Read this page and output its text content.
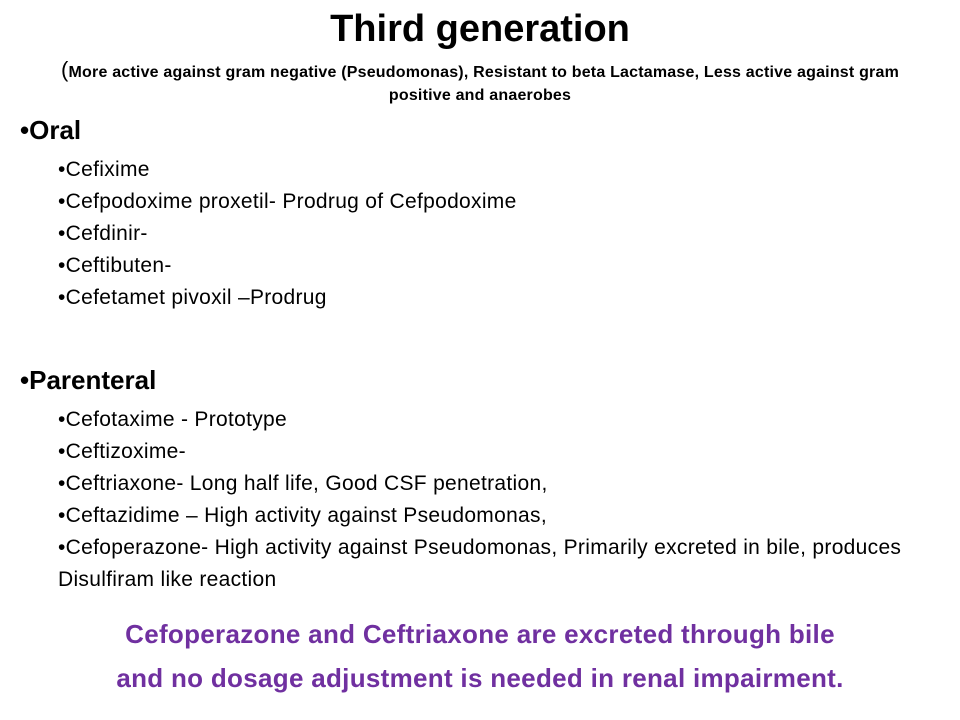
Third generation
(More active against gram negative (Pseudomonas), Resistant to beta Lactamase, Less active against gram positive and anaerobes
•Oral
•Cefixime
•Cefpodoxime proxetil- Prodrug of Cefpodoxime
•Cefdinir-
•Ceftibuten-
•Cefetamet pivoxil –Prodrug
•Parenteral
•Cefotaxime - Prototype
•Ceftizoxime-
•Ceftriaxone- Long half life, Good CSF penetration,
•Ceftazidime – High activity against Pseudomonas,
•Cefoperazone- High activity against Pseudomonas, Primarily excreted in bile, produces Disulfiram like reaction
Cefoperazone and Ceftriaxone are excreted through bile
and no dosage adjustment is needed in renal impairment.
